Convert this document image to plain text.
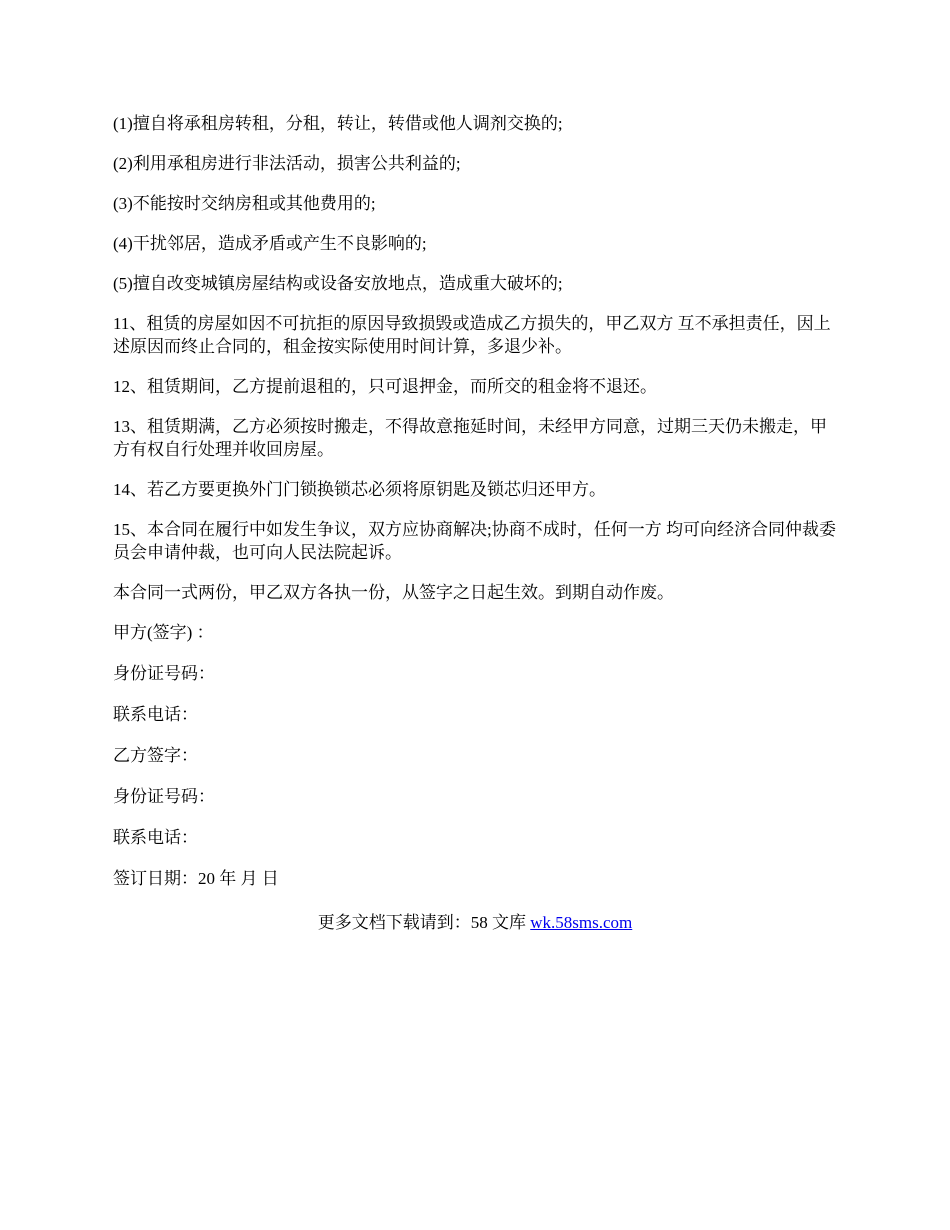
(1)擅自将承租房转租，分租，转让，转借或他人调剂交换的;

(2)利用承租房进行非法活动，损害公共利益的;

(3)不能按时交纳房租或其他费用的;

(4)干扰邻居，造成矛盾或产生不良影响的;

(5)擅自改变城镇房屋结构或设备安放地点，造成重大破坏的;

11、租赁的房屋如因不可抗拒的原因导致损毁或造成乙方损失的，甲乙双方 互不承担责任，因上述原因而终止合同的，租金按实际使用时间计算，多退少补。

12、租赁期间，乙方提前退租的，只可退押金，而所交的租金将不退还。

13、租赁期满，乙方必须按时搬走，不得故意拖延时间，未经甲方同意，过期三天仍未搬走，甲方有权自行处理并收回房屋。

14、若乙方要更换外门门锁换锁芯必须将原钥匙及锁芯归还甲方。

15、本合同在履行中如发生争议，双方应协商解决;协商不成时，任何一方 均可向经济合同仲裁委员会申请仲裁，也可向人民法院起诉。

本合同一式两份，甲乙双方各执一份，从签字之日起生效。到期自动作废。

甲方(签字) ：

身份证号码：

联系电话：

乙方签字：

身份证号码：

联系电话：

签订日期：20 年 月 日

更多文档下载请到：58 文库 wk.58sms.com
